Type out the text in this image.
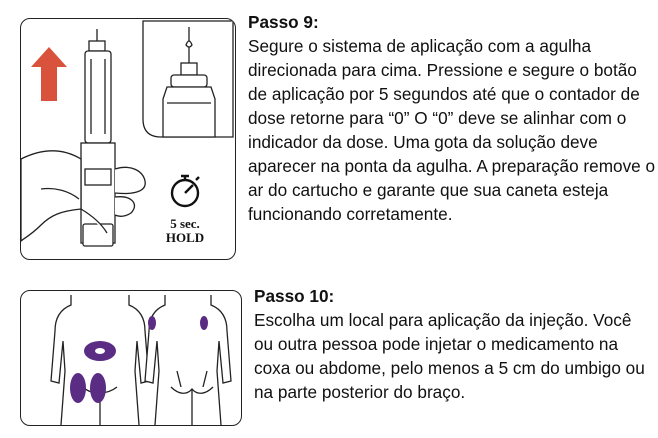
5 sec.
HOLD
Passo 9:
Segure o sistema de aplicação com a agulha direcionada para cima. Pressione e segure o botão de aplicação por 5 segundos até que o contador de dose retorne para “0” O “0” deve se alinhar com o indicador da dose. Uma gota da solução deve aparecer na ponta da agulha. A preparação remove o ar do cartucho e garante que sua caneta esteja funcionando corretamente.
Passo 10:
Escolha um local para aplicação da injeção. Você ou outra pessoa pode injetar o medicamento na coxa ou abdome, pelo menos a 5 cm do umbigo ou na parte posterior do braço.
